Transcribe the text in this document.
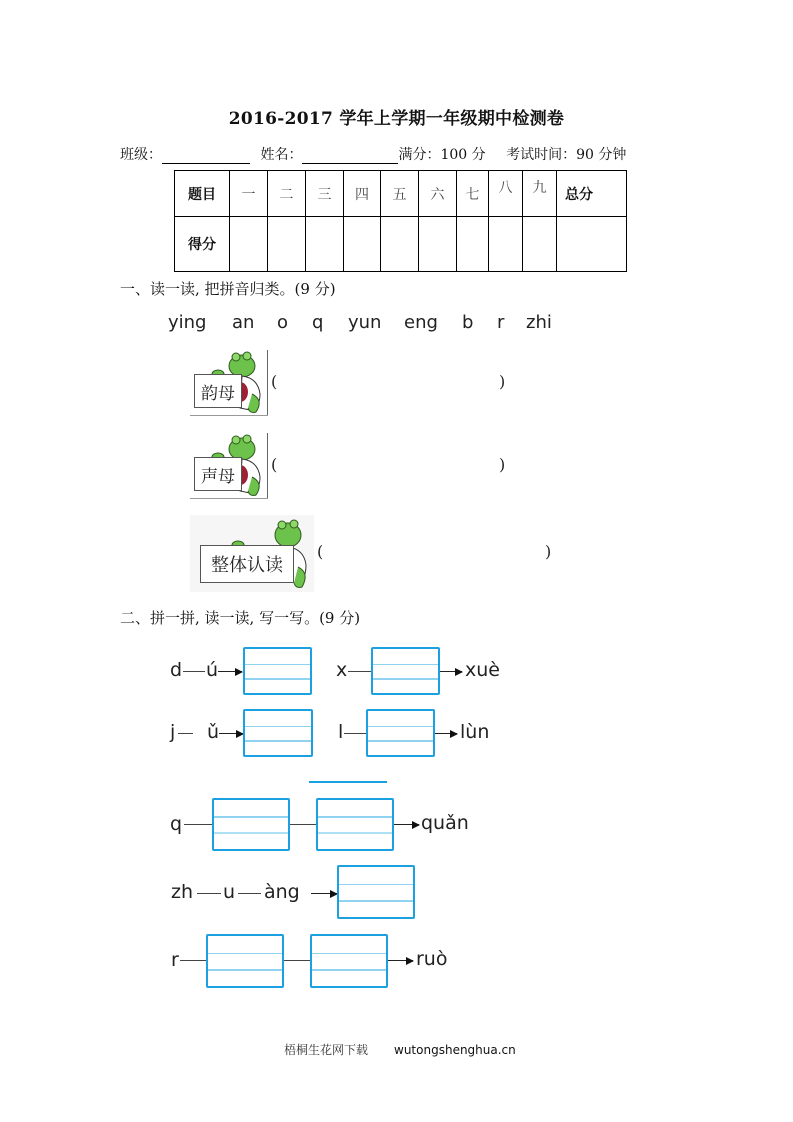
2016-2017 学年上学期一年级期中检测卷
班级：	姓名：	满分：100 分 考试时间：90 分钟
题目	一	二	三	四	五	六	七	八	九	总分
得分										
一、读一读, 把拼音归类。(9 分)
ying an o q yun eng b r zhi
韵母
(	)
声母
(	)
整体认读
(	)
二、拼一拼, 读一读, 写一写。(9 分)
d ú	x	xuè
j ǔ	l	lùn
q	quǎn
zh u àng
r	ruò
梧桐生花网下载 wutongshenghua.cn
